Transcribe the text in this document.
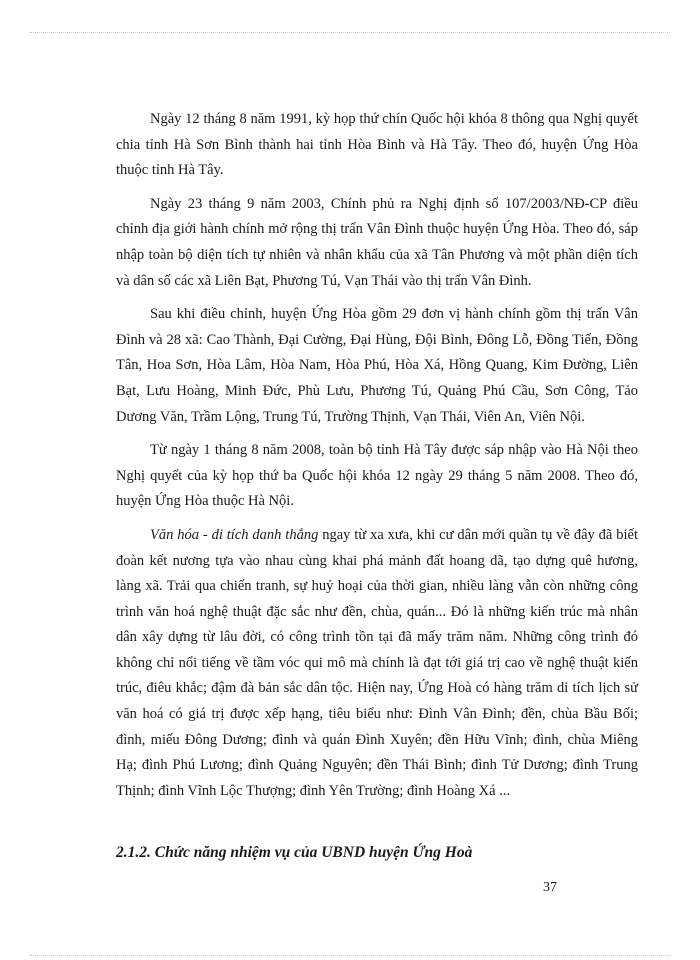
Ngày 12 tháng 8 năm 1991, kỳ họp thứ chín Quốc hội khóa 8 thông qua Nghị quyết chia tỉnh Hà Sơn Bình thành hai tỉnh Hòa Bình và Hà Tây. Theo đó, huyện Ứng Hòa thuộc tỉnh Hà Tây.

Ngày 23 tháng 9 năm 2003, Chính phủ ra Nghị định số 107/2003/NĐ-CP điều chỉnh địa giới hành chính mở rộng thị trấn Vân Đình thuộc huyện Ứng Hòa. Theo đó, sáp nhập toàn bộ diện tích tự nhiên và nhân khẩu của xã Tân Phương và một phần diện tích và dân số các xã Liên Bạt, Phương Tú, Vạn Thái vào thị trấn Vân Đình.

Sau khi điều chỉnh, huyện Ứng Hòa gồm 29 đơn vị hành chính gồm thị trấn Vân Đình và 28 xã: Cao Thành, Đại Cường, Đại Hùng, Đội Bình, Đông Lỗ, Đồng Tiến, Đồng Tân, Hoa Sơn, Hòa Lâm, Hòa Nam, Hòa Phú, Hòa Xá, Hồng Quang, Kim Đường, Liên Bạt, Lưu Hoàng, Minh Đức, Phù Lưu, Phương Tú, Quảng Phú Cầu, Sơn Công, Tảo Dương Văn, Trầm Lộng, Trung Tú, Trường Thịnh, Vạn Thái, Viên An, Viên Nội.

Từ ngày 1 tháng 8 năm 2008, toàn bộ tỉnh Hà Tây được sáp nhập vào Hà Nội theo Nghị quyết của kỳ họp thứ ba Quốc hội khóa 12 ngày 29 tháng 5 năm 2008. Theo đó, huyện Ứng Hòa thuộc Hà Nội.

Văn hóa - di tích danh thắng ngay từ xa xưa, khi cư dân mới quần tụ về đây đã biết đoàn kết nương tựa vào nhau cùng khai phá mảnh đất hoang dã, tạo dựng quê hương, làng xã. Trải qua chiến tranh, sự huỷ hoại của thời gian, nhiều làng vẫn còn những công trình văn hoá nghệ thuật đặc sắc như đền, chùa, quán... Đó là những kiến trúc mà nhân dân xây dựng từ lâu đời, có công trình tồn tại đã mấy trăm năm. Những công trình đó không chỉ nổi tiếng về tầm vóc qui mô mà chính là đạt tới giá trị cao về nghệ thuật kiến trúc, điêu khắc; đậm đà bản sắc dân tộc. Hiện nay, Ứng Hoà có hàng trăm di tích lịch sử văn hoá có giá trị được xếp hạng, tiêu biểu như: Đình Vân Đình; đền, chùa Bầu Bối; đình, miếu Đông Dương; đình và quán Đình Xuyên; đền Hữu Vĩnh; đình, chùa Miêng Hạ; đình Phú Lương; đình Quảng Nguyên; đền Thái Bình; đình Tử Dương; đình Trung Thịnh; đình Vĩnh Lộc Thượng; đình Yên Trường; đình Hoàng Xá ...

2.1.2. Chức năng nhiệm vụ của UBND huyện Ứng Hoà

37
